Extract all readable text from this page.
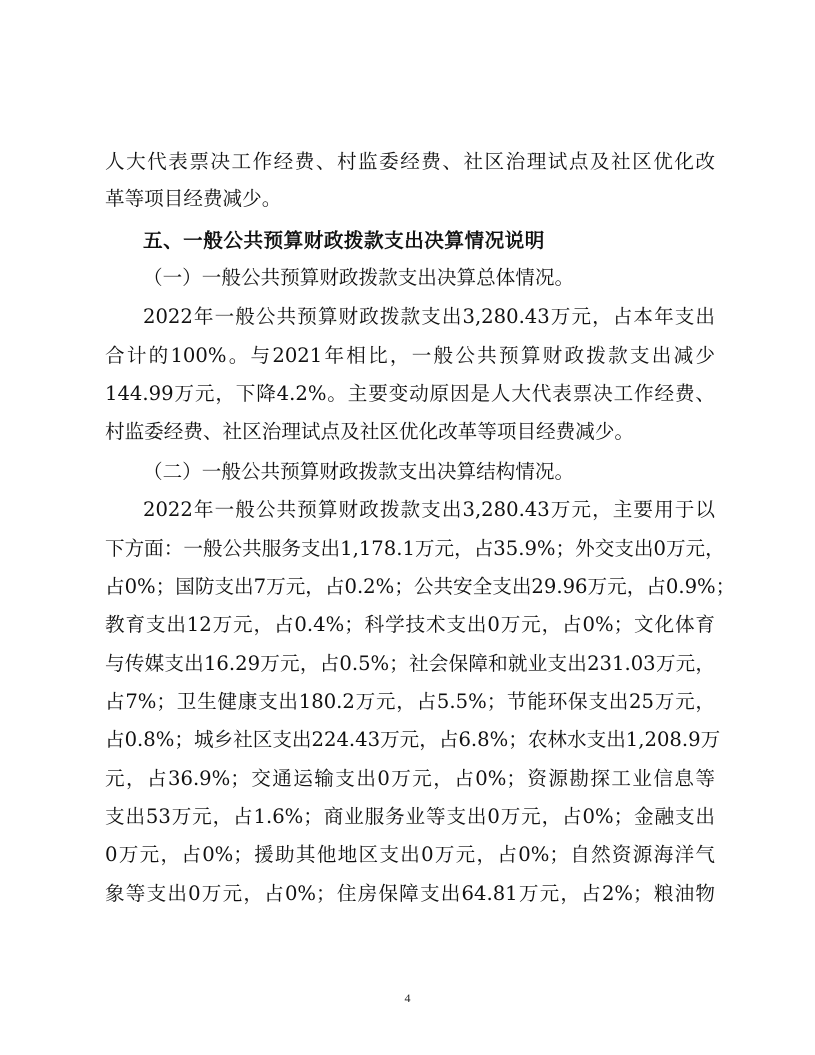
人大代表票决工作经费、村监委经费、社区治理试点及社区优化改
革等项目经费减少。
五、一般公共预算财政拨款支出决算情况说明
（一）一般公共预算财政拨款支出决算总体情况。
2022年一般公共预算财政拨款支出3,280.43万元，占本年支出
合计的100%。与2021年相比，一般公共预算财政拨款支出减少
144.99万元，下降4.2%。主要变动原因是人大代表票决工作经费、
村监委经费、社区治理试点及社区优化改革等项目经费减少。
（二）一般公共预算财政拨款支出决算结构情况。
2022年一般公共预算财政拨款支出3,280.43万元，主要用于以
下方面：一般公共服务支出1,178.1万元，占35.9%；外交支出0万元，
占0%；国防支出7万元，占0.2%；公共安全支出29.96万元，占0.9%；
教育支出12万元，占0.4%；科学技术支出0万元，占0%；文化体育
与传媒支出16.29万元，占0.5%；社会保障和就业支出231.03万元，
占7%；卫生健康支出180.2万元，占5.5%；节能环保支出25万元，
占0.8%；城乡社区支出224.43万元，占6.8%；农林水支出1,208.9万
元，占36.9%；交通运输支出0万元，占0%；资源勘探工业信息等
支出53万元，占1.6%；商业服务业等支出0万元，占0%；金融支出
0万元，占0%；援助其他地区支出0万元，占0%；自然资源海洋气
象等支出0万元，占0%；住房保障支出64.81万元，占2%；粮油物
4
